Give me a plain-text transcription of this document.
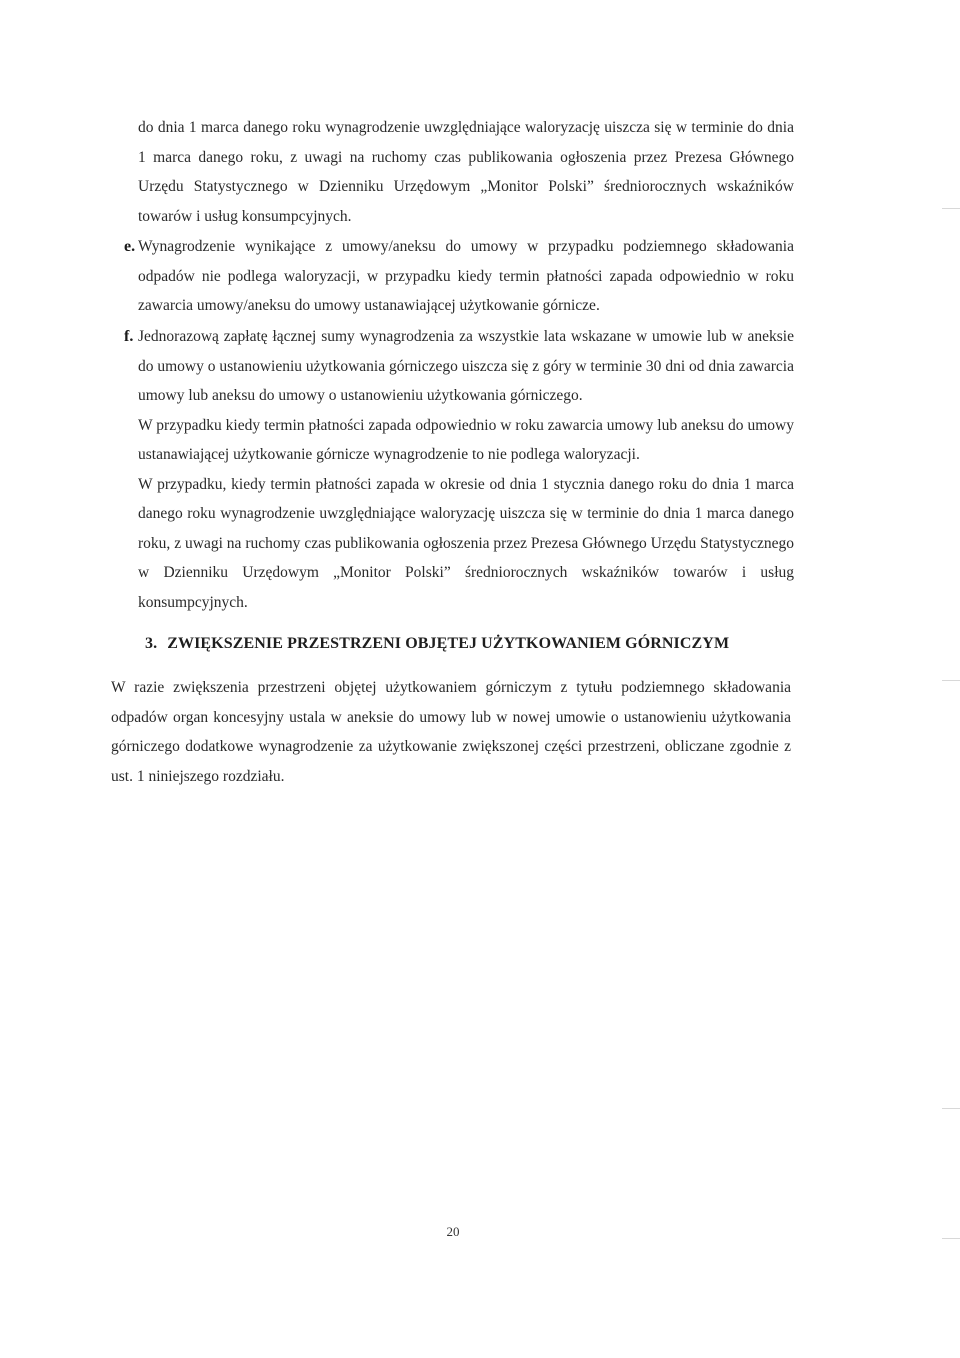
do dnia 1 marca danego roku wynagrodzenie uwzględniające waloryzację uiszcza się w terminie do dnia 1 marca danego roku, z uwagi na ruchomy czas publikowania ogłoszenia przez Prezesa Głównego Urzędu Statystycznego w Dzienniku Urzędowym „Monitor Polski” średniorocznych wskaźników towarów i usług konsumpcyjnych.

e. Wynagrodzenie wynikające z umowy/aneksu do umowy w przypadku podziemnego składowania odpadów nie podlega waloryzacji, w przypadku kiedy termin płatności zapada odpowiednio w roku zawarcia umowy/aneksu do umowy ustanawiającej użytkowanie górnicze.

f. Jednorazową zapłatę łącznej sumy wynagrodzenia za wszystkie lata wskazane w umowie lub w aneksie do umowy o ustanowieniu użytkowania górniczego uiszcza się z góry w terminie 30 dni od dnia zawarcia umowy lub aneksu do umowy o ustanowieniu użytkowania górniczego.

W przypadku kiedy termin płatności zapada odpowiednio w roku zawarcia umowy lub aneksu do umowy ustanawiającej użytkowanie górnicze wynagrodzenie to nie podlega waloryzacji.

W przypadku, kiedy termin płatności zapada w okresie od dnia 1 stycznia danego roku do dnia 1 marca danego roku wynagrodzenie uwzględniające waloryzację uiszcza się w terminie do dnia 1 marca danego roku, z uwagi na ruchomy czas publikowania ogłoszenia przez Prezesa Głównego Urzędu Statystycznego w Dzienniku Urzędowym „Monitor Polski” średniorocznych wskaźników towarów i usług konsumpcyjnych.

3. ZWIĘKSZENIE PRZESTRZENI OBJĘTEJ UŻYTKOWANIEM GÓRNICZYM

W razie zwiększenia przestrzeni objętej użytkowaniem górniczym z tytułu podziemnego składowania odpadów organ koncesyjny ustala w aneksie do umowy lub w nowej umowie o ustanowieniu użytkowania górniczego dodatkowe wynagrodzenie za użytkowanie zwiększonej części przestrzeni, obliczane zgodnie z ust. 1 niniejszego rozdziału.

20
